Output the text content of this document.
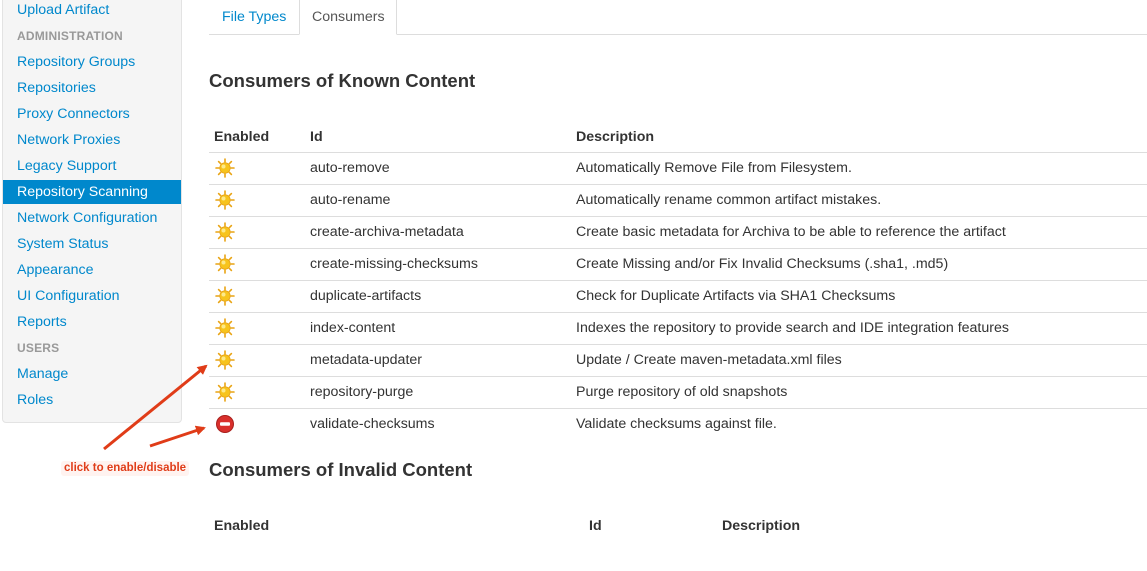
Upload Artifact
ADMINISTRATION
Repository Groups
Repositories
Proxy Connectors
Network Proxies
Legacy Support
Repository Scanning
Network Configuration
System Status
Appearance
UI Configuration
Reports
USERS
Manage
Roles
File Types	Consumers
Consumers of Known Content
Enabled	Id	Description
auto-remove	Automatically Remove File from Filesystem.
auto-rename	Automatically rename common artifact mistakes.
create-archiva-metadata	Create basic metadata for Archiva to be able to reference the artifact
create-missing-checksums	Create Missing and/or Fix Invalid Checksums (.sha1, .md5)
duplicate-artifacts	Check for Duplicate Artifacts via SHA1 Checksums
index-content	Indexes the repository to provide search and IDE integration features
metadata-updater	Update / Create maven-metadata.xml files
repository-purge	Purge repository of old snapshots
validate-checksums	Validate checksums against file.
Consumers of Invalid Content
Enabled	Id	Description
click to enable/disable
